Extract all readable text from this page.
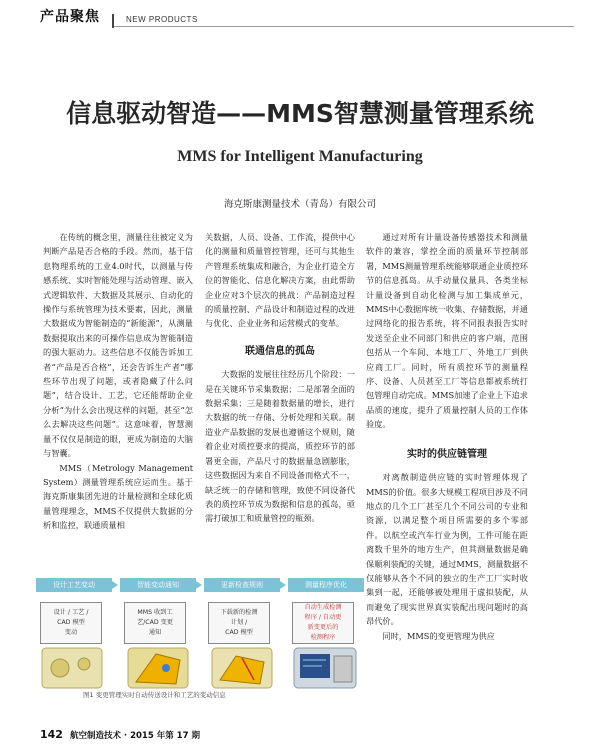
产品聚焦	NEW PRODUCTS
信息驱动智造——MMS智慧测量管理系统
MMS for Intelligent Manufacturing
海克斯康测量技术（青岛）有限公司

在传统的概念里，测量往往被定义为判断产品是否合格的手段。然而，基于信息物理系统的工业4.0时代，以测量与传感系统、实时智能处理与活动管理、嵌入式逻辑软件、大数据及其展示、自动化的操作与系统管理为技术要素，因此，测量大数据成为智能制造的“新能源”，从测量数据提取出来的可操作信息成为智能制造的强大驱动力。这些信息不仅能告诉加工者“产品是否合格”，还会告诉生产者“哪些环节出现了问题，或者隐藏了什么问题”，结合设计、工艺，它还能帮助企业分析“为什么会出现这样的问题，甚至“怎么去解决这些问题”。这意味着，智慧测量不仅仅是制造的眼，更成为制造的大脑与智囊。

MMS（Metrology Management System）测量管理系统应运而生。基于海克斯康集团先进的计量检测和全球化质量管理理念，MMS不仅提供大数据的分析和监控，联通质量相

关数据，人员、设备、工作流，提供中心化的测量和质量管控管理，还可与其他生产管理系统集成和融合，为企业打造全方位的智能化、信息化解决方案，由此帮助企业应对3个层次的挑战：产品制造过程的质量控制、产品设计和制造过程的改进与优化、企业业务和运营模式的变革。

联通信息的孤岛

大数据的发展往往经历几个阶段：一是在关键环节采集数据；二是部署全面的数据采集；三是随着数据量的增长，进行大数据的统一存储、分析处理和关联。制造业产品数据的发展也遵循这个规则，随着企业对质控要求的提高，质控环节的部署更全面，产品尺寸的数据量急剧膨胀，这些数据因为来自不同设备而格式不一，缺乏统一的存储和管理，致使不同设备代表的质控环节成为数据和信息的孤岛，亟需打破加工和质量管控的瓶颈。

通过对所有计量设备传感器技术和测量软件的兼容，掌控全面的质量环节控制部署，MMS测量管理系统能够联通企业质控环节的信息孤岛。从手动量仪量具、各类坐标计量设备到自动化检测与加工集成单元，MMS中心数据库统一收集、存储数据，并通过网络化的报告系统，将不同报表报告实时发送至企业不同部门和供应的客户端，范围包括从一个车间、本地工厂、外地工厂到供应商工厂。同时，所有质控环节的测量程序、设备、人员甚至工厂等信息都被系统打包管理自动完成。MMS加速了企业上下追求品质的速度，提升了质量控制人员的工作体验度。

实时的供应链管理

对离散制造供应链的实时管理体现了MMS的价值。很多大规模工程项目涉及不同地点的几个工厂甚至几个不同公司的专业和资源，以满足整个项目所需要的多个零部件。以航空或汽车行业为例，工件可能在距离数千里外的地方生产，但其测量数据是确保顺利装配的关键，通过MMS，测量数据不仅能够从各个不同的独立的生产工厂实时收集到一起，还能够被处理用于虚拟装配，从而避免了现实世界真实装配出现问题时的高昂代价。

同时，MMS的变更管理为供应

设计工艺变动
设计 / 工艺 /
CAD 模型
变动
智能变动通知
MMS 收到工
艺/CAD 变更
通知
更新检查规则
下载新的检测
计划 /
CAD 模型
测量程序优化
自动生成检测
程序 / 自动更
新变更后的
检测程序
图1 变更管理实时自动传送设计和工艺的变动信息
142 航空制造技术 · 2015 年第 17 期
